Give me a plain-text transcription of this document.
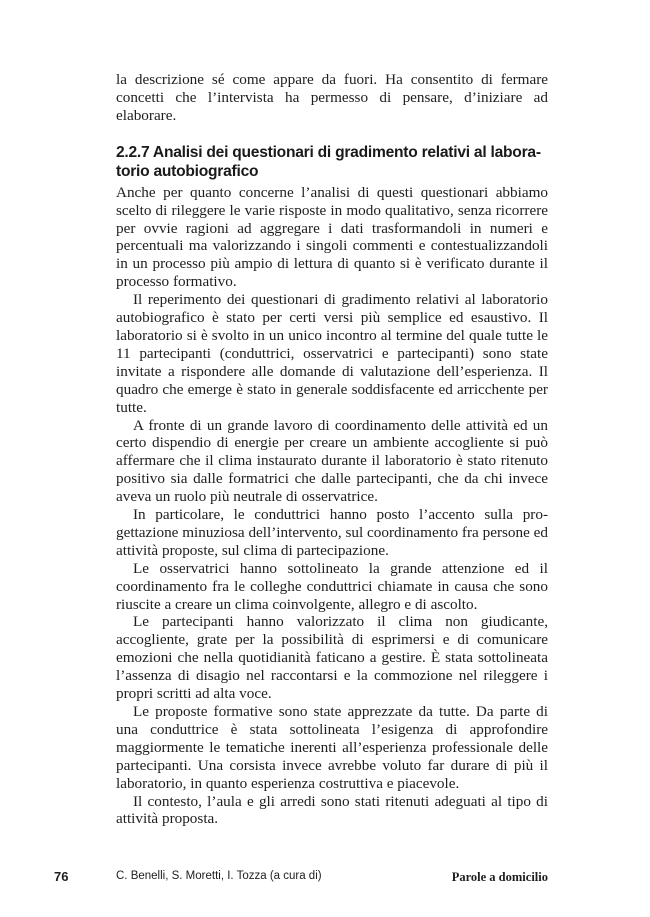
la descrizione sé come appare da fuori. Ha consentito di fermare concetti che l’intervista ha permesso di pensare, d’iniziare ad elaborare.

2.2.7 Analisi dei questionari di gradimento relativi al laboratorio autobiografico

Anche per quanto concerne l’analisi di questi questionari abbiamo scelto di rileggere le varie risposte in modo qualitativo, senza ricorrere per ovvie ragioni ad aggregare i dati trasformandoli in numeri e percentuali ma valorizzando i singoli commenti e contestualizzandoli in un processo più ampio di lettura di quanto si è verificato durante il processo formativo.

Il reperimento dei questionari di gradimento relativi al laboratorio autobiografico è stato per certi versi più semplice ed esaustivo. Il laboratorio si è svolto in un unico incontro al termine del quale tutte le 11 partecipanti (conduttrici, osservatrici e partecipanti) sono state invitate a rispondere alle domande di valutazione dell’esperienza. Il quadro che emerge è stato in generale soddisfacente ed arricchente per tutte.

A fronte di un grande lavoro di coordinamento delle attività ed un certo dispendio di energie per creare un ambiente accogliente si può affermare che il clima instaurato durante il laboratorio è stato ritenuto positivo sia dalle formatrici che dalle partecipanti, che da chi invece aveva un ruolo più neutrale di osservatrice.

In particolare, le conduttrici hanno posto l’accento sulla progettazione minuziosa dell’intervento, sul coordinamento fra persone ed attività proposte, sul clima di partecipazione.

Le osservatrici hanno sottolineato la grande attenzione ed il coordinamento fra le colleghe conduttrici chiamate in causa che sono riuscite a creare un clima coinvolgente, allegro e di ascolto.

Le partecipanti hanno valorizzato il clima non giudicante, accogliente, grate per la possibilità di esprimersi e di comunicare emozioni che nella quotidianità faticano a gestire. È stata sottolineata l’assenza di disagio nel raccontarsi e la commozione nel rileggere i propri scritti ad alta voce.

Le proposte formative sono state apprezzate da tutte. Da parte di una conduttrice è stata sottolineata l’esigenza di approfondire maggiormente le tematiche inerenti all’esperienza professionale delle partecipanti. Una corsista invece avrebbe voluto far durare di più il laboratorio, in quanto esperienza costruttiva e piacevole.

Il contesto, l’aula e gli arredi sono stati ritenuti adeguati al tipo di attività proposta.

76	C. Benelli, S. Moretti, I. Tozza (a cura di)	Parole a domicilio
